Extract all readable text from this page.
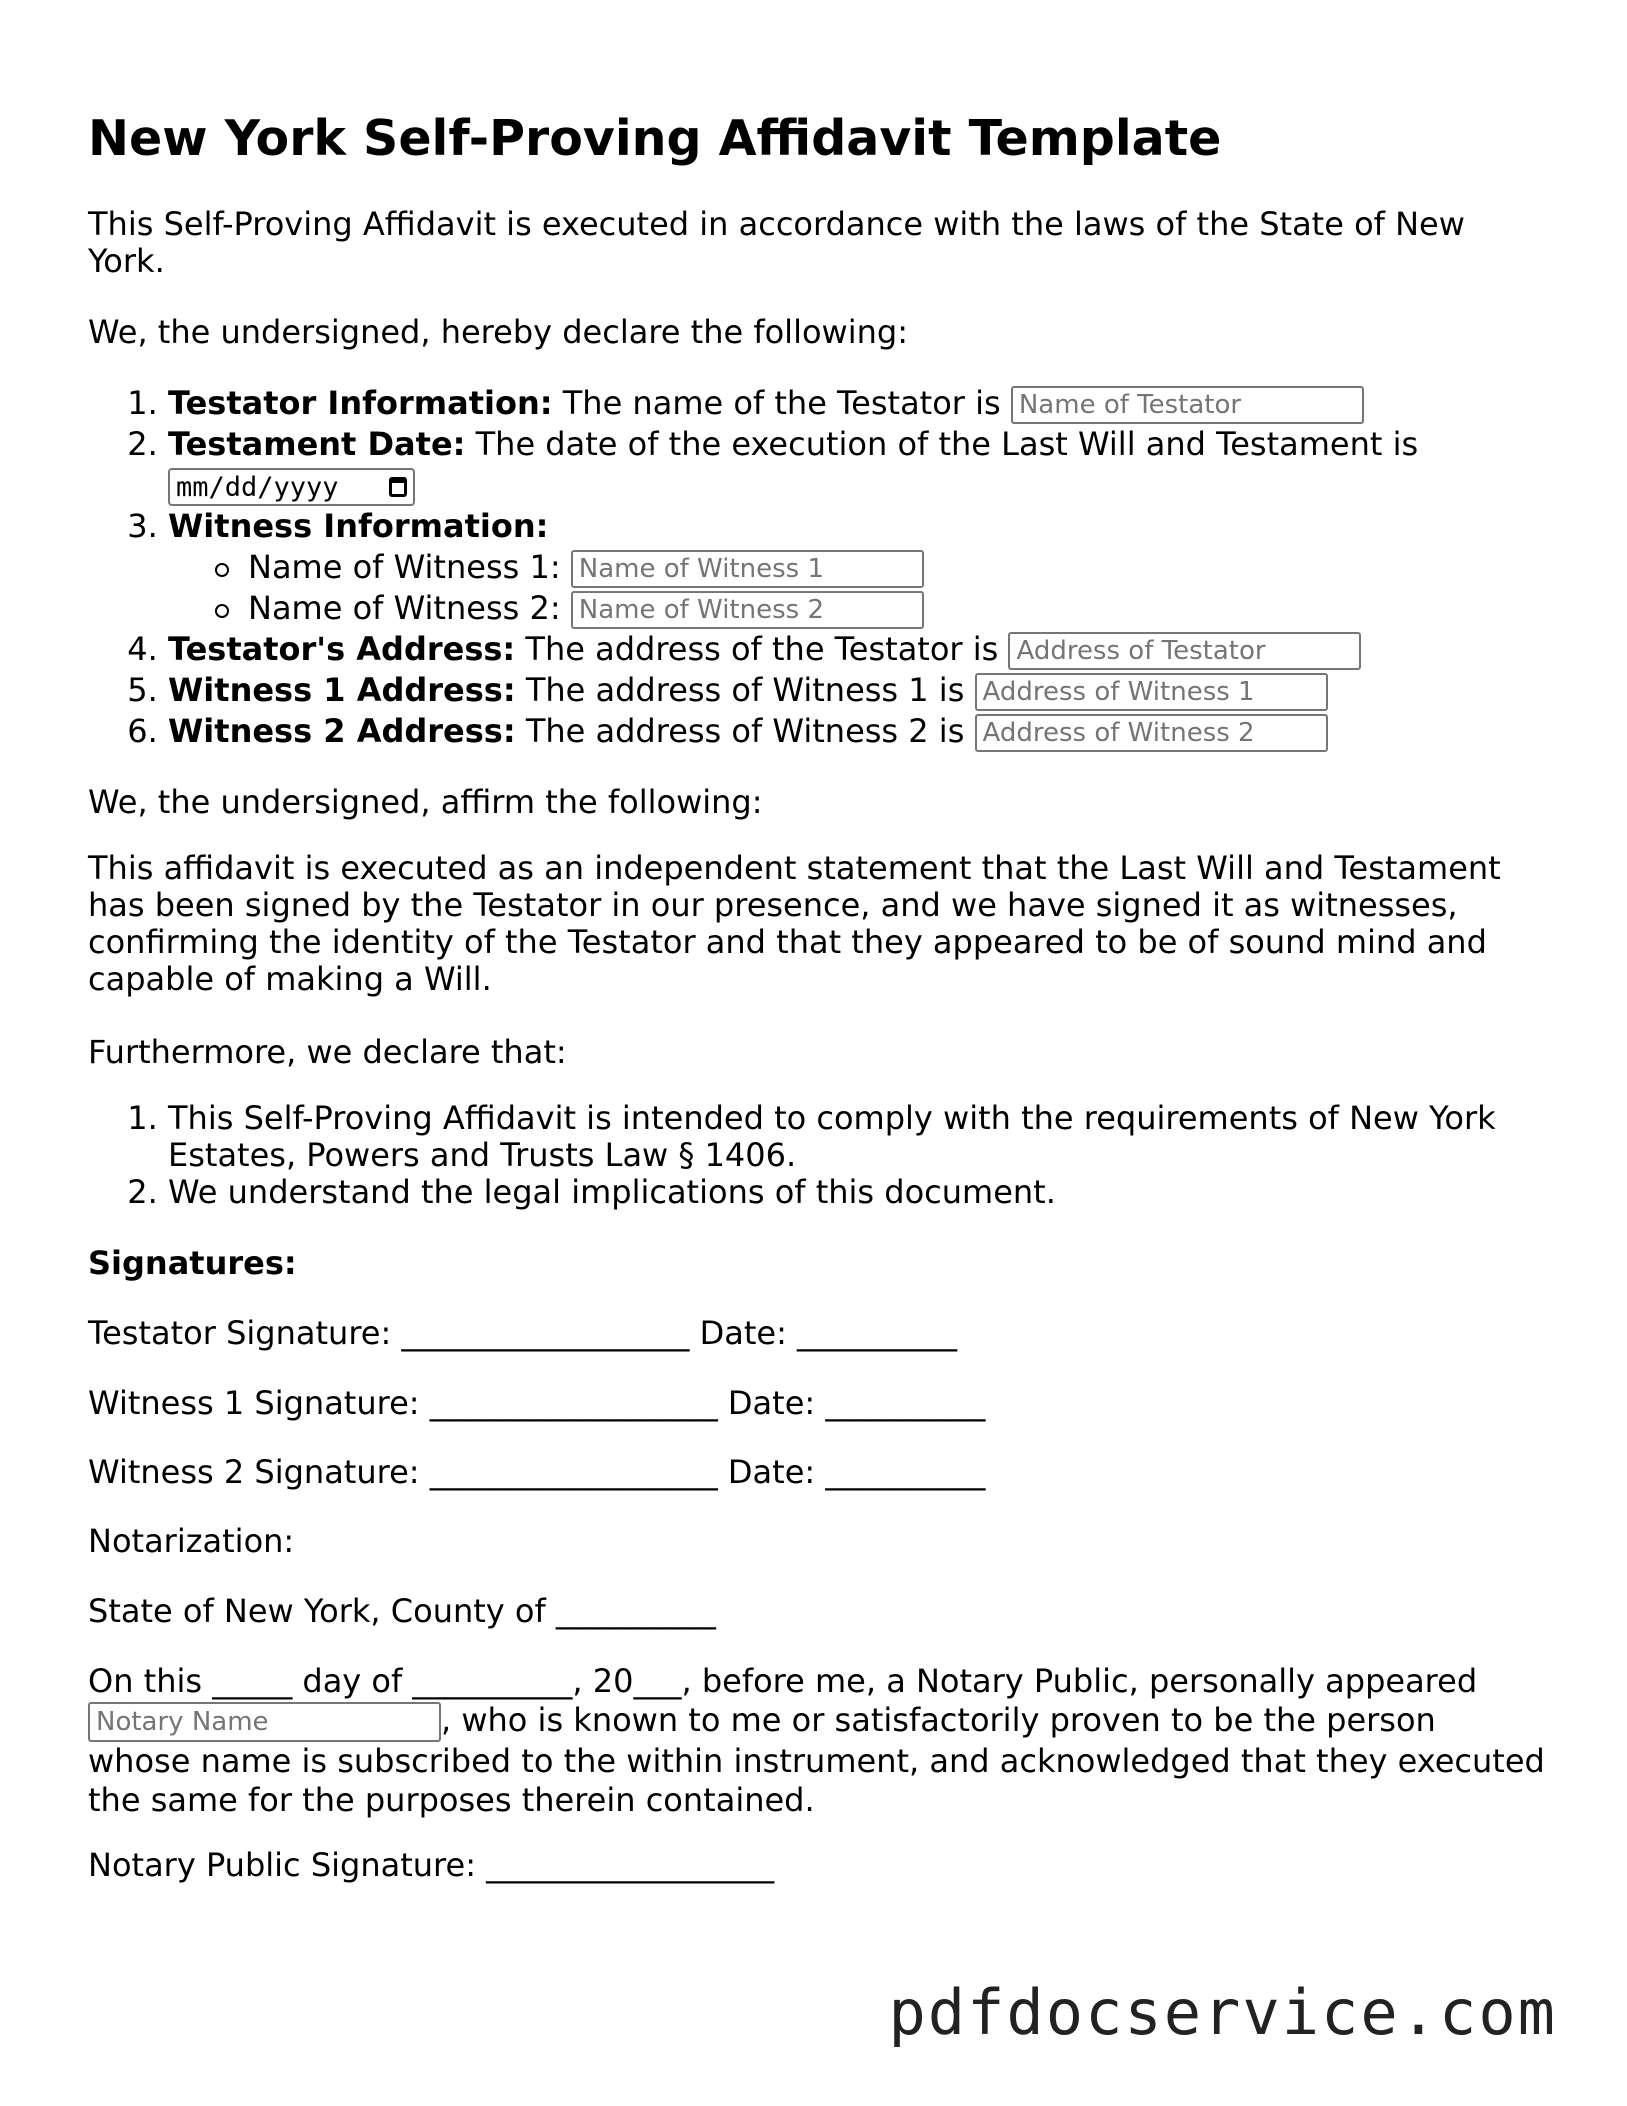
New York Self-Proving Affidavit Template

This Self-Proving Affidavit is executed in accordance with the laws of the State of New York.

We, the undersigned, hereby declare the following:

1. Testator Information: The name of the Testator is Name of Testator
2. Testament Date: The date of the execution of the Last Will and Testament is
mm/dd/yyyy
3. Witness Information:
Name of Witness 1: Name of Witness 1
Name of Witness 2: Name of Witness 2
4. Testator's Address: The address of the Testator is Address of Testator
5. Witness 1 Address: The address of Witness 1 is Address of Witness 1
6. Witness 2 Address: The address of Witness 2 is Address of Witness 2

We, the undersigned, affirm the following:

This affidavit is executed as an independent statement that the Last Will and Testament has been signed by the Testator in our presence, and we have signed it as witnesses, confirming the identity of the Testator and that they appeared to be of sound mind and capable of making a Will.

Furthermore, we declare that:

1. This Self-Proving Affidavit is intended to comply with the requirements of New York Estates, Powers and Trusts Law § 1406.
2. We understand the legal implications of this document.

Signatures:

Testator Signature: __________________ Date: __________

Witness 1 Signature: __________________ Date: __________

Witness 2 Signature: __________________ Date: __________

Notarization:

State of New York, County of __________

On this _____ day of __________, 20___, before me, a Notary Public, personally appeared Notary Name, who is known to me or satisfactorily proven to be the person whose name is subscribed to the within instrument, and acknowledged that they executed the same for the purposes therein contained.

Notary Public Signature: __________________

pdfdocservice.com
